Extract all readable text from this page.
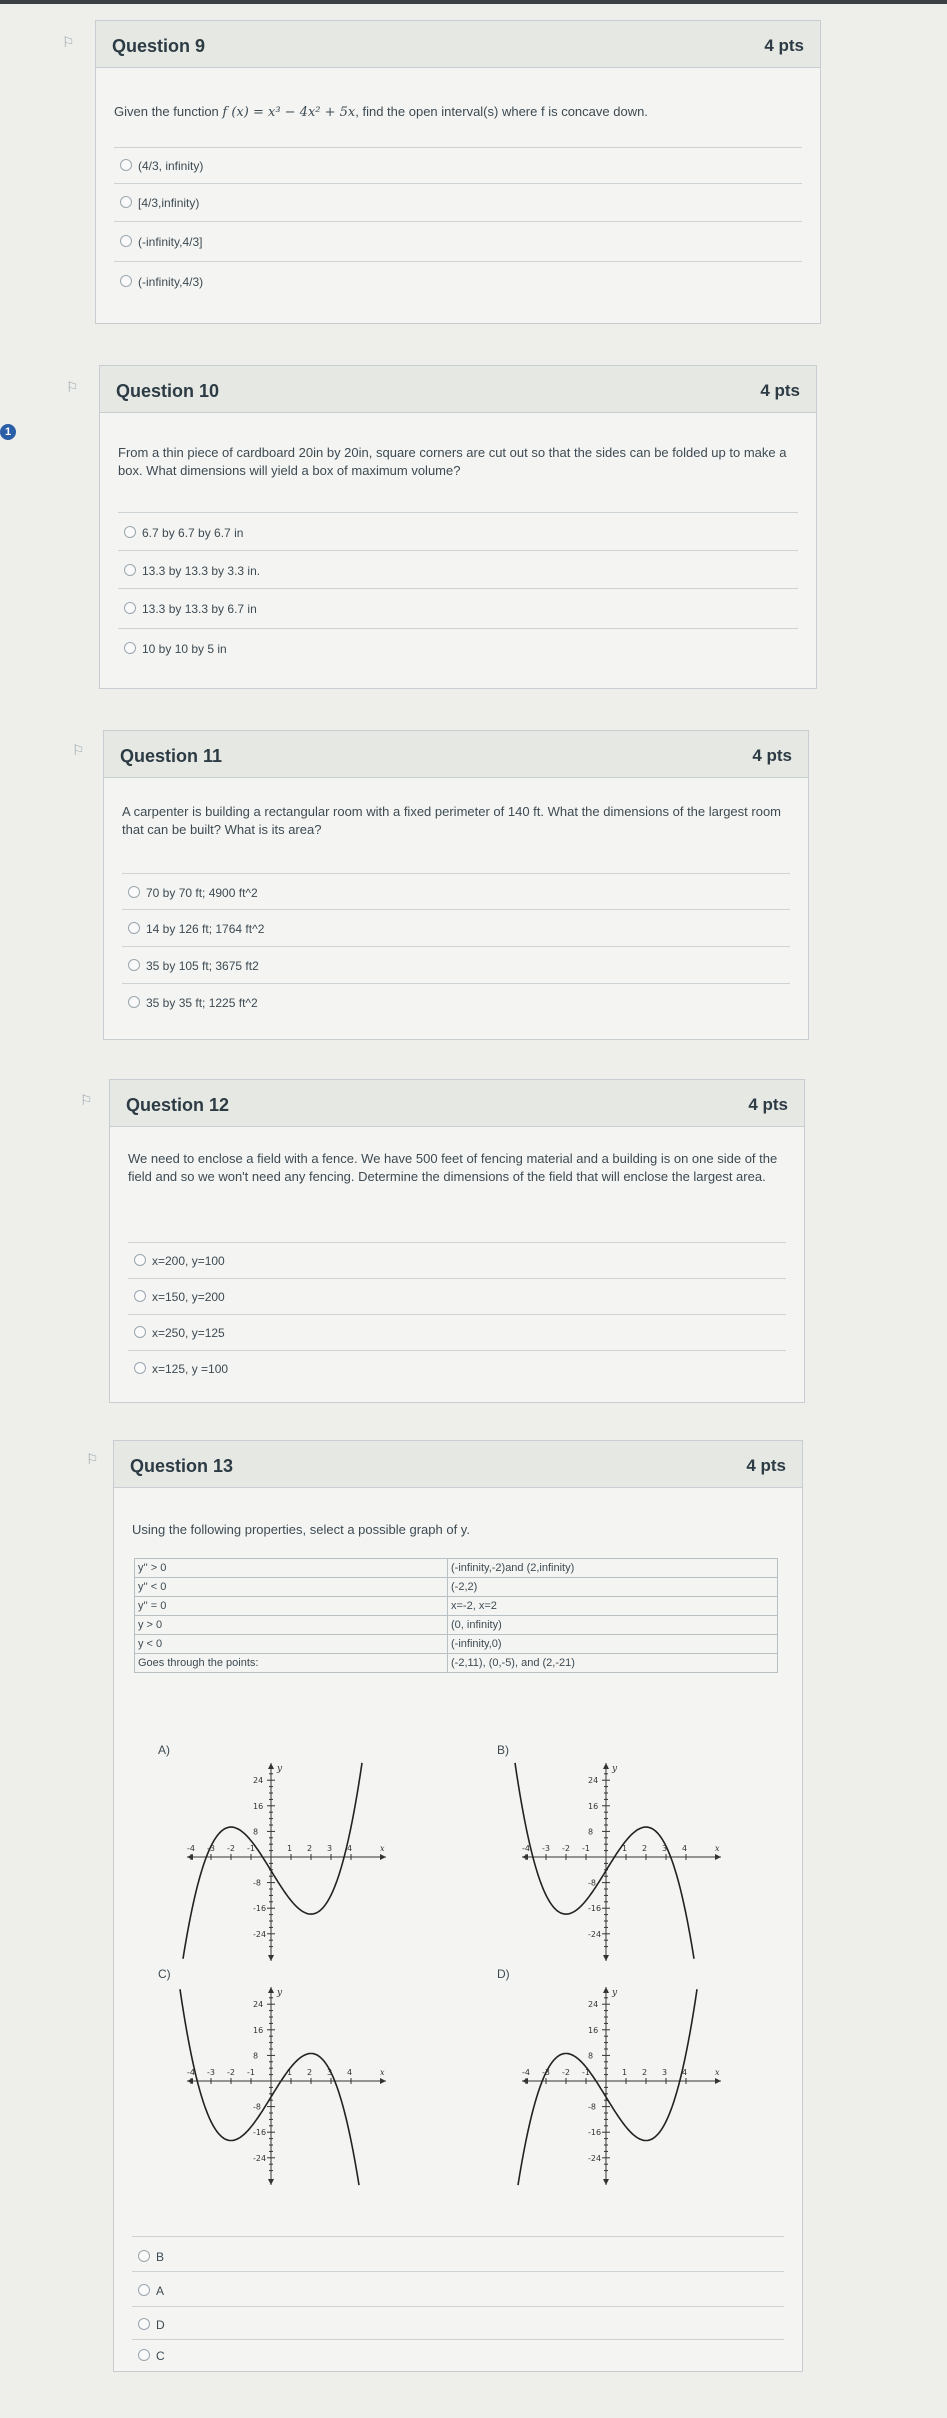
1
⚐
⚐
⚐
⚐
⚐
Question 9	4 pts
Given the function f (x) = x³ − 4x² + 5x, find the open interval(s) where f is concave down.
(4/3, infinity)
[4/3,infinity)
(-infinity,4/3]
(-infinity,4/3)
Question 10	4 pts
From a thin piece of cardboard 20in by 20in, square corners are cut out so that the sides can be folded up to make a box. What dimensions will yield a box of maximum volume?
6.7 by 6.7 by 6.7 in
13.3 by 13.3 by 3.3 in.
13.3 by 13.3 by 6.7 in
10 by 10 by 5 in
Question 11	4 pts
A carpenter is building a rectangular room with a fixed perimeter of 140 ft. What the dimensions of the largest room that can be built? What is its area?
70 by 70 ft; 4900 ft^2
14 by 126 ft; 1764 ft^2
35 by 105 ft; 3675 ft2
35 by 35 ft; 1225 ft^2
Question 12	4 pts
We need to enclose a field with a fence. We have 500 feet of fencing material and a building is on one side of the field and so we won't need any fencing. Determine the dimensions of the field that will enclose the largest area.
x=200, y=100
x=150, y=200
x=250, y=125
x=125, y =100
Question 13	4 pts
Using the following properties, select a possible graph of y.
y'' > 0	(-infinity,-2)and (2,infinity)
y'' < 0	(-2,2)
y'' = 0	x=-2, x=2
y > 0	(0, infinity)
y < 0	(-infinity,0)
Goes through the points:	(-2,11), (0,-5), and (2,-21)
A)	B)
C)	D)
-4 -3 -2 -1	1 2 3 4	x
24
16
8
-8
-16
-24
y
-4 -3 -2 -1	1 2 3 4	x
24
16
8
-8
-16
-24
y
-4 -3 -2 -1	1 2 3 4	x
24
16
8
-8
-16
-24
y
-4 -3 -2 -1	1 2 3 4	x
24
16
8
-8
-16
-24
y
B
A
D
C
